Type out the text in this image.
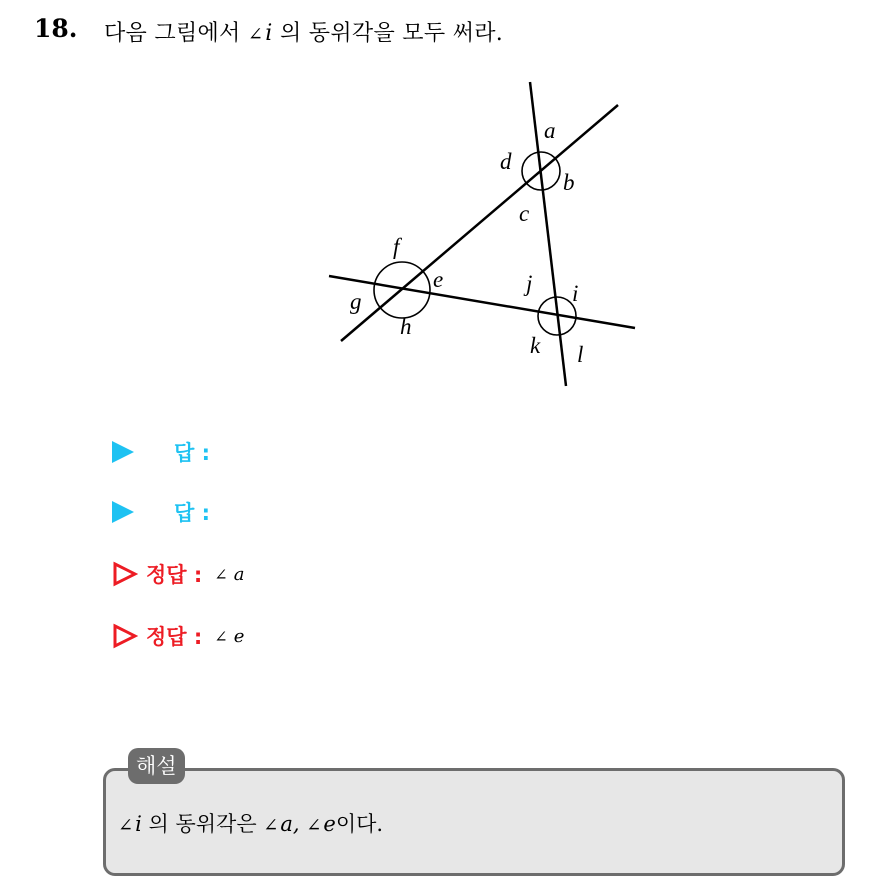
18. 다음 그림에서 ∠i 의 동위각을 모두 써라.
a
b
c
d
e
f
g
h
i
j
k l
답 :
답 :
정답 : ∠ a
정답 : ∠ e
해설
∠i 의 동위각은 ∠a, ∠e이다.
